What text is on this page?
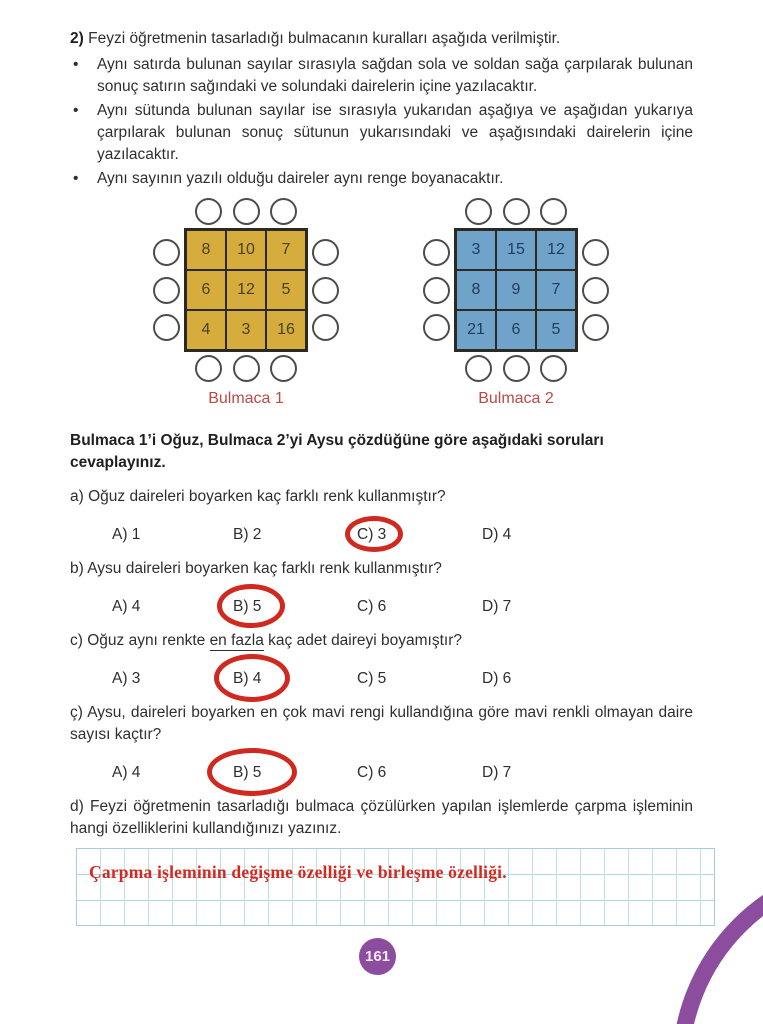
2) Feyzi öğretmenin tasarladığı bulmacanın kuralları aşağıda verilmiştir.

• Aynı satırda bulunan sayılar sırasıyla sağdan sola ve soldan sağa çarpılarak bulunan sonuç satırın sağındaki ve solundaki dairelerin içine yazılacaktır.
• Aynı sütunda bulunan sayılar ise sırasıyla yukarıdan aşağıya ve aşağıdan yukarıya çarpılarak bulunan sonuç sütunun yukarısındaki ve aşağısındaki dairelerin içine yazılacaktır.
• Aynı sayının yazılı olduğu daireler aynı renge boyanacaktır.
8	10	7
6	12	5
4	3	16
Bulmaca 1
3	15	12
8	9	7
21	6	5
Bulmaca 2

Bulmaca 1’i Oğuz, Bulmaca 2’yi Aysu çözdüğüne göre aşağıdaki soruları cevaplayınız.

a) Oğuz daireleri boyarken kaç farklı renk kullanmıştır?

A) 1	B) 2	C) 3	D) 4

b) Aysu daireleri boyarken kaç farklı renk kullanmıştır?

A) 4	B) 5	C) 6	D) 7

c) Oğuz aynı renkte en fazla kaç adet daireyi boyamıştır?

A) 3	B) 4	C) 5	D) 6

ç) Aysu, daireleri boyarken en çok mavi rengi kullandığına göre mavi renkli olmayan daire sayısı kaçtır?

A) 4	B) 5	C) 6	D) 7

d) Feyzi öğretmenin tasarladığı bulmaca çözülürken yapılan işlemlerde çarpma işleminin hangi özelliklerini kullandığınızı yazınız.

Çarpma işleminin değişme özelliği ve birleşme özelliği.
161
